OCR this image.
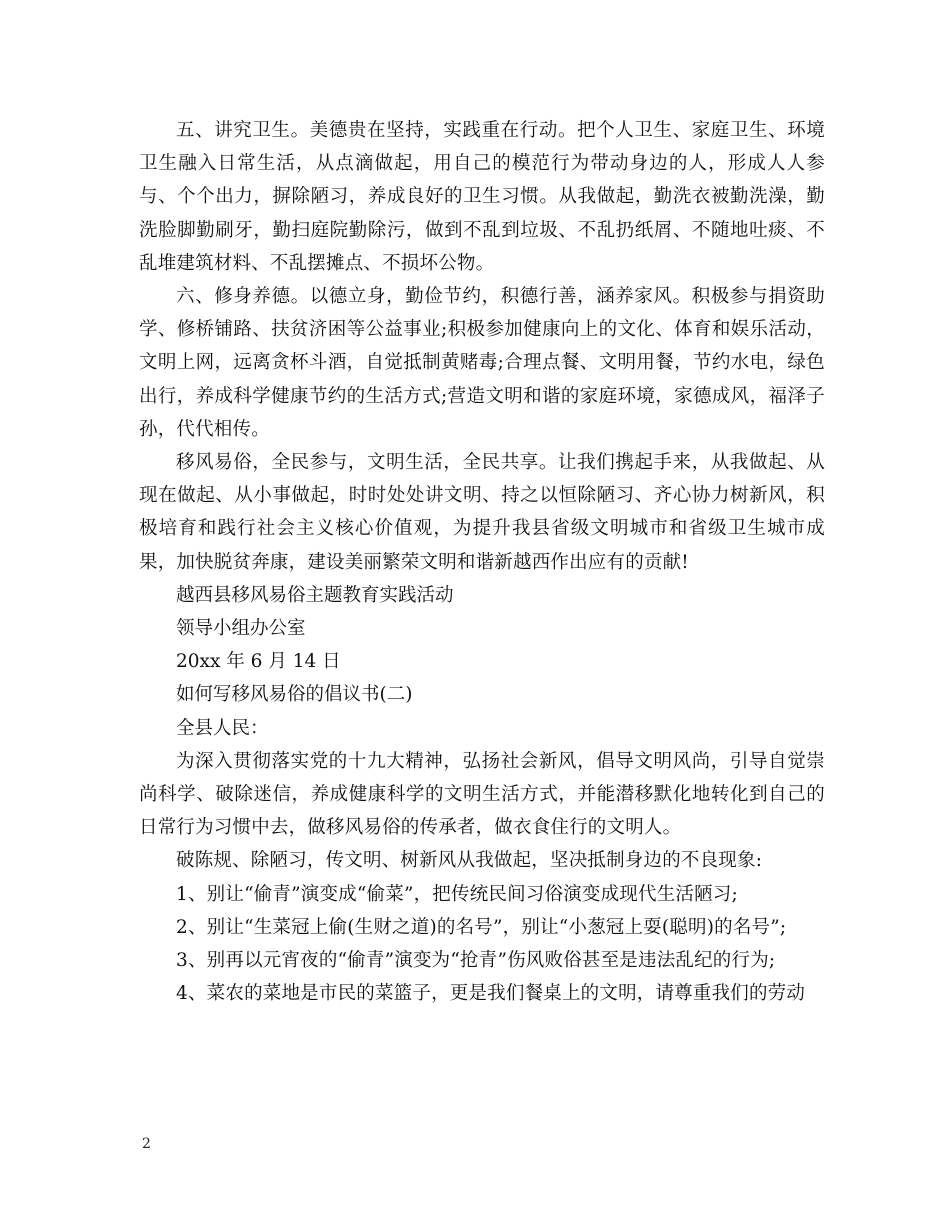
五、讲究卫生。美德贵在坚持，实践重在行动。把个人卫生、家庭卫生、环境卫生融入日常生活，从点滴做起，用自己的模范行为带动身边的人，形成人人参与、个个出力，摒除陋习，养成良好的卫生习惯。从我做起，勤洗衣被勤洗澡，勤洗脸脚勤刷牙，勤扫庭院勤除污，做到不乱到垃圾、不乱扔纸屑、不随地吐痰、不乱堆建筑材料、不乱摆摊点、不损坏公物。

六、修身养德。以德立身，勤俭节约，积德行善，涵养家风。积极参与捐资助学、修桥铺路、扶贫济困等公益事业;积极参加健康向上的文化、体育和娱乐活动，文明上网，远离贪杯斗酒，自觉抵制黄赌毒;合理点餐、文明用餐，节约水电，绿色出行，养成科学健康节约的生活方式;营造文明和谐的家庭环境，家德成风，福泽子孙，代代相传。

移风易俗，全民参与，文明生活，全民共享。让我们携起手来，从我做起、从现在做起、从小事做起，时时处处讲文明、持之以恒除陋习、齐心协力树新风，积极培育和践行社会主义核心价值观，为提升我县省级文明城市和省级卫生城市成果，加快脱贫奔康，建设美丽繁荣文明和谐新越西作出应有的贡献!

越西县移风易俗主题教育实践活动

领导小组办公室

20xx 年 6 月 14 日

如何写移风易俗的倡议书(二)

全县人民：

为深入贯彻落实党的十九大精神，弘扬社会新风，倡导文明风尚，引导自觉崇尚科学、破除迷信，养成健康科学的文明生活方式，并能潜移默化地转化到自己的日常行为习惯中去，做移风易俗的传承者，做衣食住行的文明人。

破陈规、除陋习，传文明、树新风从我做起，坚决抵制身边的不良现象:

1、别让“偷青”演变成“偷菜”，把传统民间习俗演变成现代生活陋习;

2、别让“生菜冠上偷(生财之道)的名号”，别让“小葱冠上耍(聪明)的名号”;

3、别再以元宵夜的“偷青”演变为“抢青”伤风败俗甚至是违法乱纪的行为;

4、菜农的菜地是市民的菜篮子，更是我们餐桌上的文明，请尊重我们的劳动

2
